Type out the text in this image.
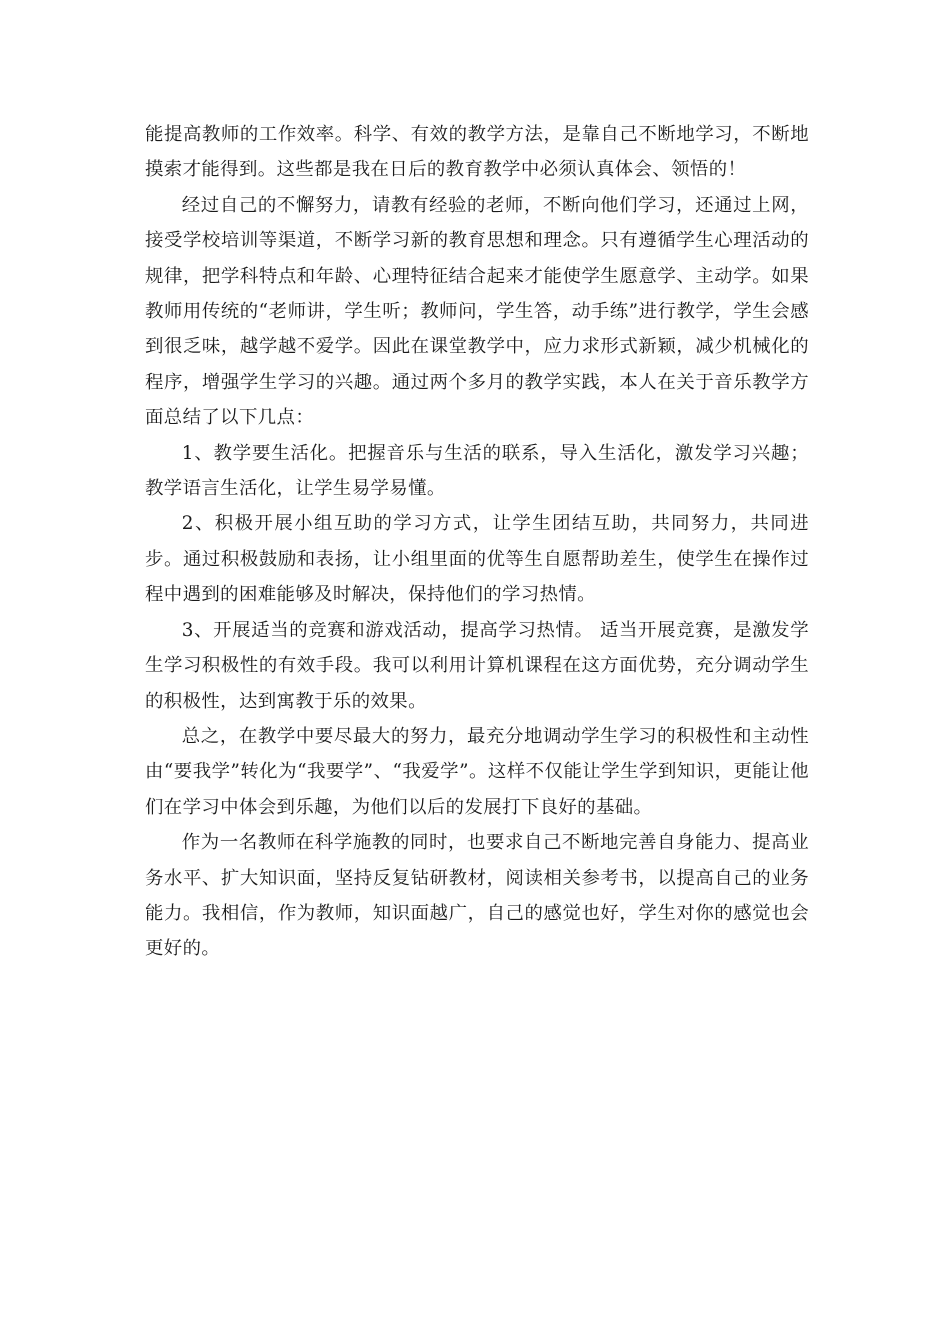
能提高教师的工作效率。科学、有效的教学方法，是靠自己不断地学习，不断地摸索才能得到。这些都是我在日后的教育教学中必须认真体会、领悟的！

经过自己的不懈努力，请教有经验的老师，不断向他们学习，还通过上网，接受学校培训等渠道，不断学习新的教育思想和理念。只有遵循学生心理活动的规律，把学科特点和年龄、心理特征结合起来才能使学生愿意学、主动学。如果教师用传统的“老师讲，学生听；教师问，学生答，动手练”进行教学，学生会感到很乏味，越学越不爱学。因此在课堂教学中，应力求形式新颖，减少机械化的程序，增强学生学习的兴趣。通过两个多月的教学实践，本人在关于音乐教学方面总结了以下几点：

1、教学要生活化。把握音乐与生活的联系，导入生活化，激发学习兴趣；教学语言生活化，让学生易学易懂。

2、积极开展小组互助的学习方式，让学生团结互助，共同努力，共同进步。通过积极鼓励和表扬，让小组里面的优等生自愿帮助差生，使学生在操作过程中遇到的困难能够及时解决，保持他们的学习热情。

3、开展适当的竞赛和游戏活动，提高学习热情。 适当开展竞赛，是激发学生学习积极性的有效手段。我可以利用计算机课程在这方面优势，充分调动学生的积极性，达到寓教于乐的效果。

总之，在教学中要尽最大的努力，最充分地调动学生学习的积极性和主动性由“要我学”转化为“我要学”、“我爱学”。这样不仅能让学生学到知识，更能让他们在学习中体会到乐趣，为他们以后的发展打下良好的基础。

作为一名教师在科学施教的同时，也要求自己不断地完善自身能力、提高业务水平、扩大知识面，坚持反复钻研教材，阅读相关参考书，以提高自己的业务能力。我相信，作为教师，知识面越广，自己的感觉也好，学生对你的感觉也会更好的。
